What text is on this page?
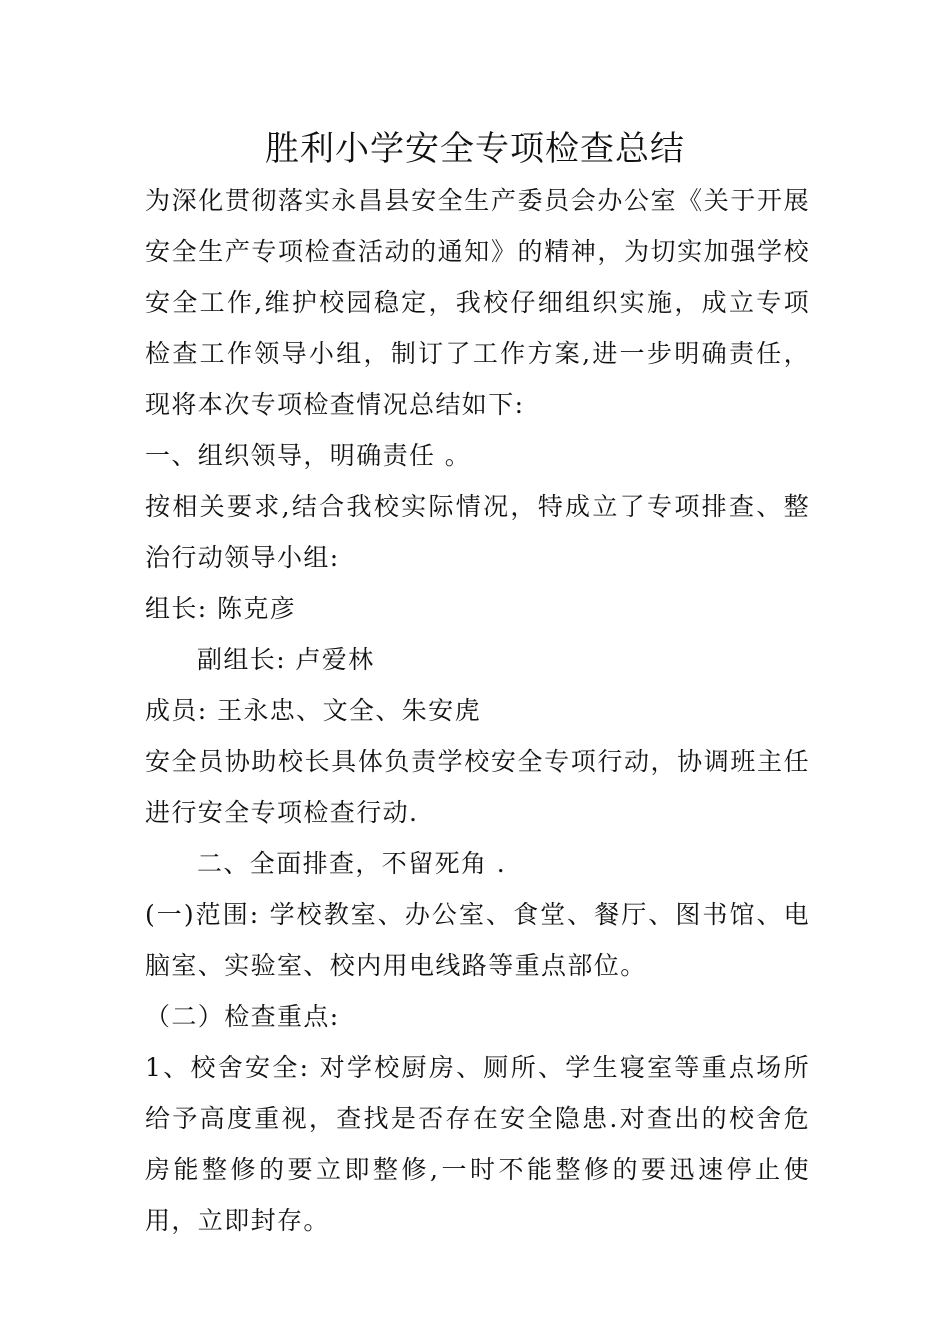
胜利小学安全专项检查总结

为深化贯彻落实永昌县安全生产委员会办公室《关于开展安全生产专项检查活动的通知》的精神，为切实加强学校安全工作,维护校园稳定，我校仔细组织实施，成立专项检查工作领导小组，制订了工作方案,进一步明确责任，现将本次专项检查情况总结如下:

一、组织领导，明确责任 。

按相关要求,结合我校实际情况，特成立了专项排查、整治行动领导小组:

组长: 陈克彦

副组长: 卢爱林

成员: 王永忠、文全、朱安虎

安全员协助校长具体负责学校安全专项行动，协调班主任进行安全专项检查行动.

二、全面排查，不留死角 .

(一)范围: 学校教室、办公室、食堂、餐厅、图书馆、电脑室、实验室、校内用电线路等重点部位。

（二）检查重点:

1、校舍安全: 对学校厨房、厕所、学生寝室等重点场所给予高度重视，查找是否存在安全隐患.对查出的校舍危房能整修的要立即整修,一时不能整修的要迅速停止使用，立即封存。
